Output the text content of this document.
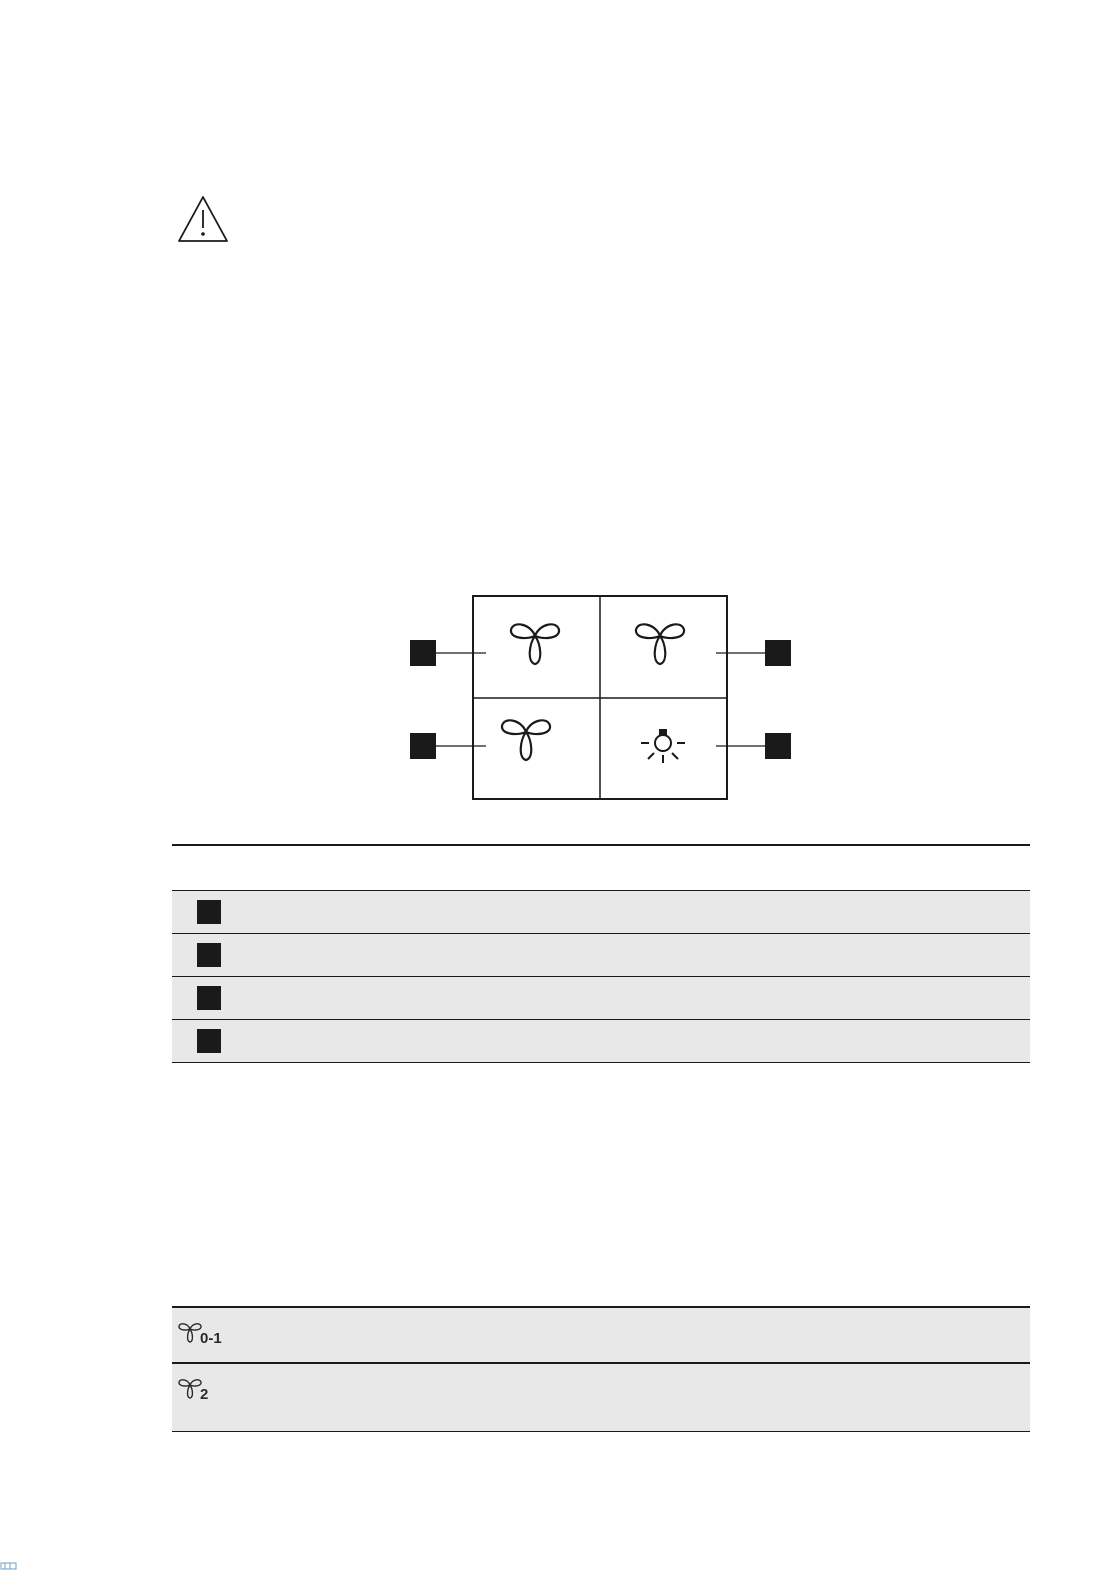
0-1
2
